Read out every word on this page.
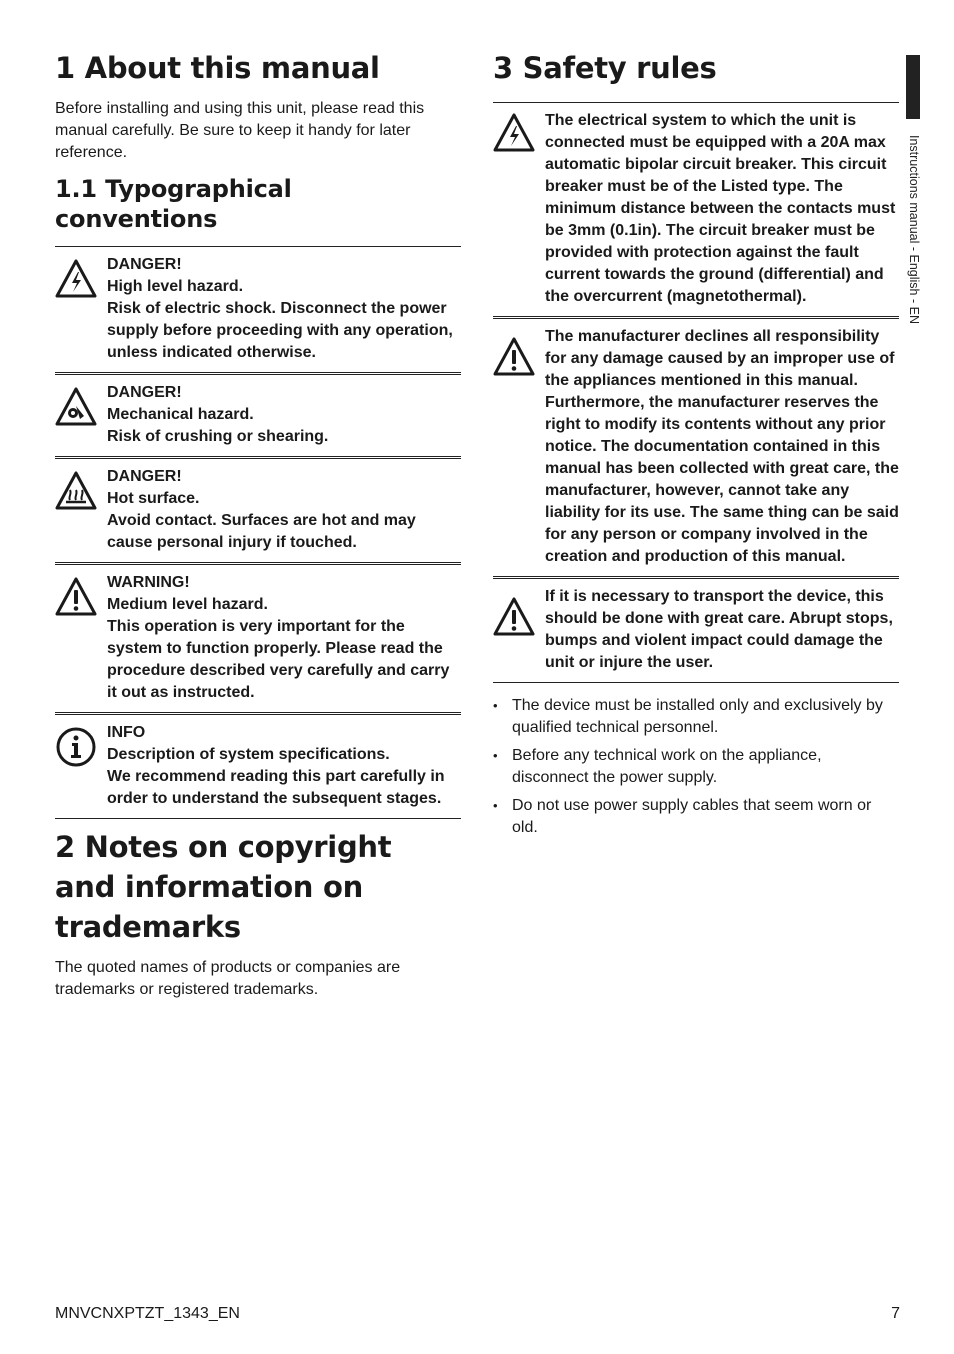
1 About this manual

Before installing and using this unit, please read this manual carefully. Be sure to keep it handy for later reference.

1.1 Typographical conventions
DANGER!
High level hazard.
Risk of electric shock. Disconnect the power supply before proceeding with any operation, unless indicated otherwise.
DANGER!
Mechanical hazard.
Risk of crushing or shearing.
DANGER!
Hot surface.
Avoid contact. Surfaces are hot and may cause personal injury if touched.
WARNING!
Medium level hazard.
This operation is very important for the system to function properly. Please read the procedure described very carefully and carry it out as instructed.
INFO
Description of system specifications.
We recommend reading this part carefully in order to understand the subsequent stages.
2 Notes on copyright and information on trademarks

The quoted names of products or companies are trademarks or registered trademarks.

3 Safety rules
The electrical system to which the unit is connected must be equipped with a 20A max automatic bipolar circuit breaker. This circuit breaker must be of the Listed type. The minimum distance between the contacts must be 3mm (0.1in). The circuit breaker must be provided with protection against the fault current towards the ground (differential) and the overcurrent (magnetothermal).
The manufacturer declines all responsibility for any damage caused by an improper use of the appliances mentioned in this manual. Furthermore, the manufacturer reserves the right to modify its contents without any prior notice. The documentation contained in this manual has been collected with great care, the manufacturer, however, cannot take any liability for its use. The same thing can be said for any person or company involved in the creation and production of this manual.
If it is necessary to transport the device, this should be done with great care. Abrupt stops, bumps and violent impact could damage the unit or injure the user.
• The device must be installed only and exclusively by qualified technical personnel.
• Before any technical work on the appliance, disconnect the power supply.
• Do not use power supply cables that seem worn or old.
Instructions manual - English - EN
MNVCNXPTZT_1343_EN	7
